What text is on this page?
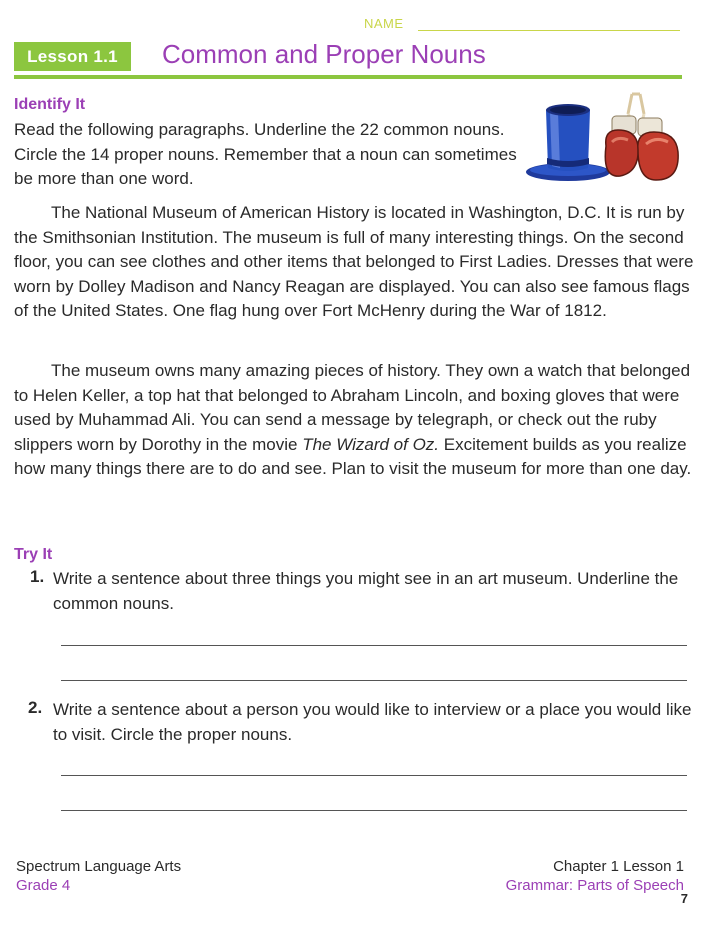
NAME
Lesson 1.1	Common and Proper Nouns
Identify It
Read the following paragraphs. Underline the 22 common nouns. Circle the 14 proper nouns. Remember that a noun can sometimes be more than one word.
The National Museum of American History is located in Washington, D.C. It is run by the Smithsonian Institution. The museum is full of many interesting things. On the second floor, you can see clothes and other items that belonged to First Ladies. Dresses that were worn by Dolley Madison and Nancy Reagan are displayed. You can also see famous flags of the United States. One flag hung over Fort McHenry during the War of 1812.
The museum owns many amazing pieces of history. They own a watch that belonged to Helen Keller, a top hat that belonged to Abraham Lincoln, and boxing gloves that were used by Muhammad Ali. You can send a message by telegraph, or check out the ruby slippers worn by Dorothy in the movie The Wizard of Oz. Excitement builds as you realize how many things there are to do and see. Plan to visit the museum for more than one day.
Try It
1. Write a sentence about three things you might see in an art museum. Underline the common nouns.
2. Write a sentence about a person you would like to interview or a place you would like to visit. Circle the proper nouns.
Spectrum Language Arts
Grade 4
Chapter 1 Lesson 1
Grammar: Parts of Speech
7
